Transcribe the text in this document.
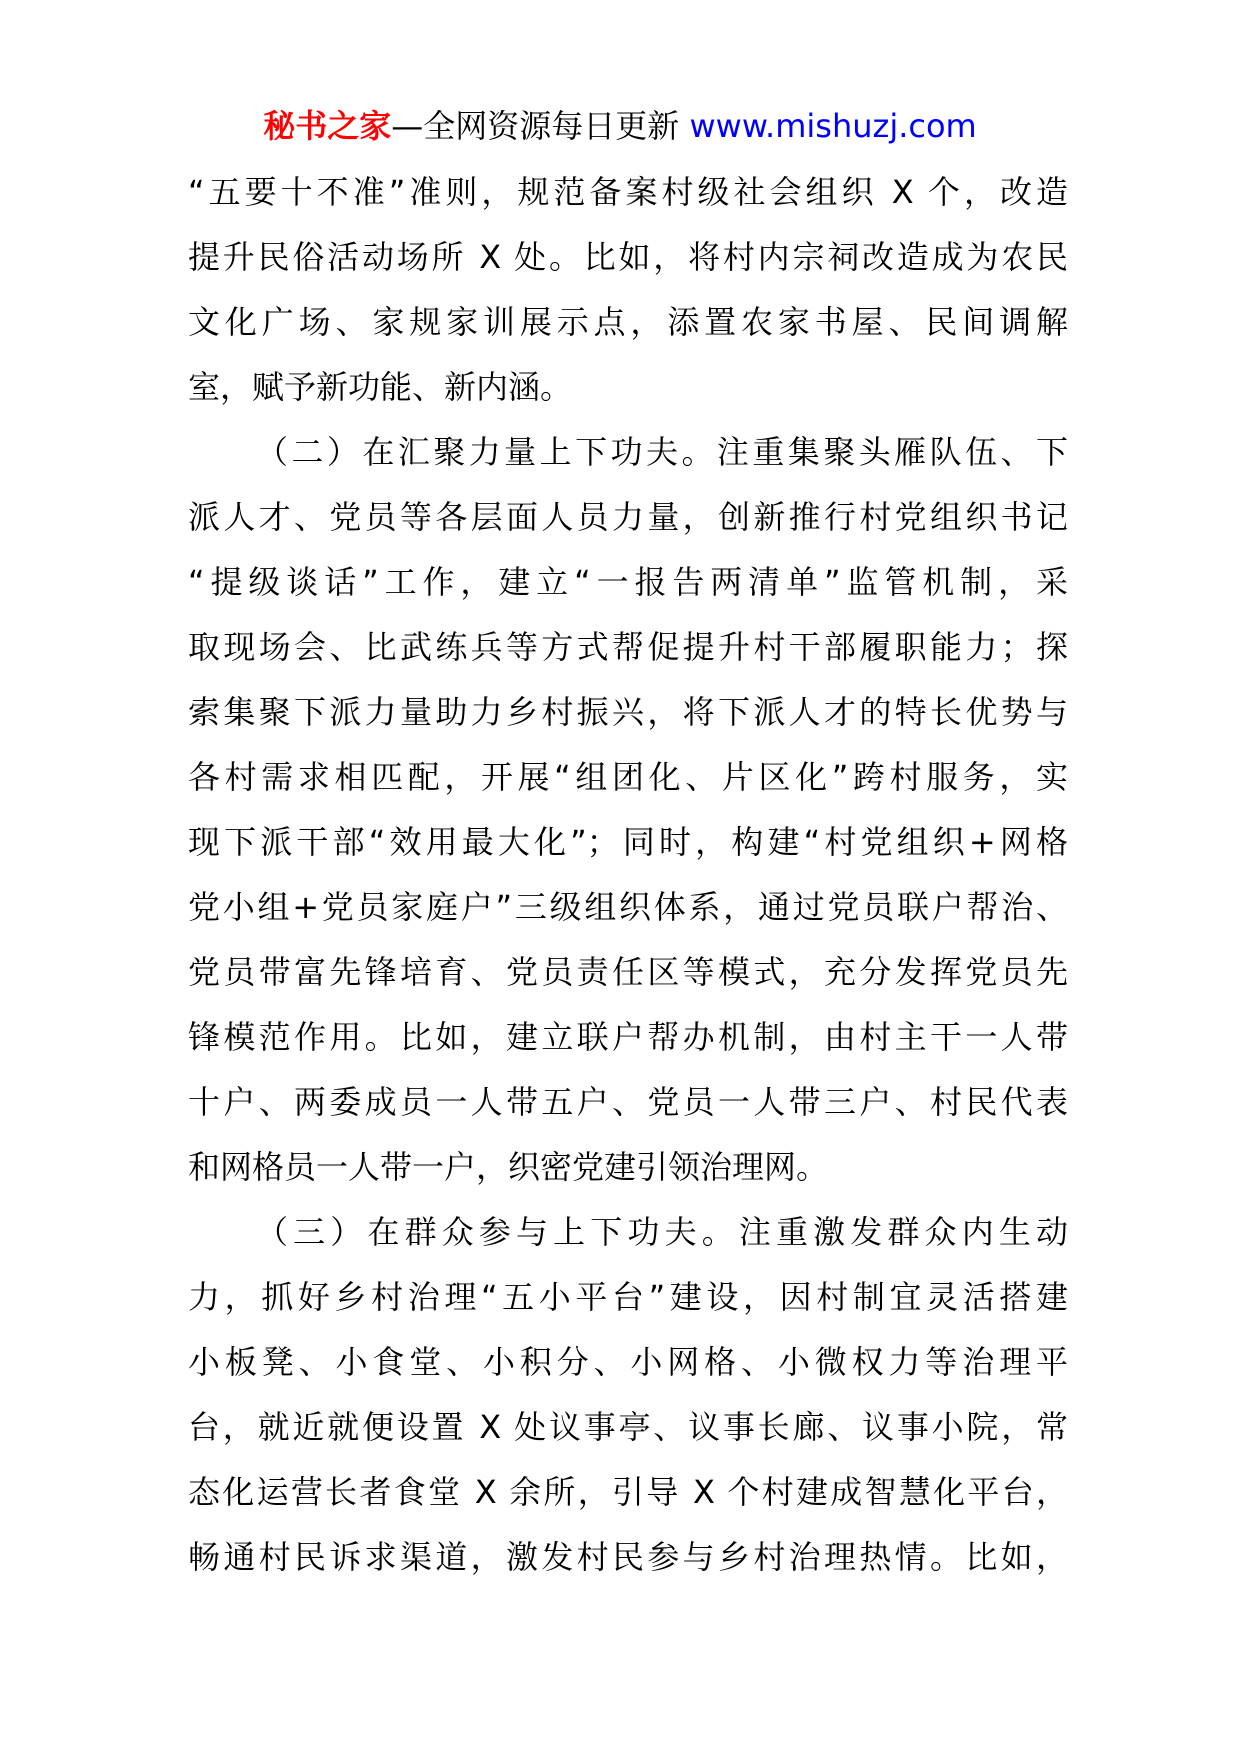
秘书之家—全网资源每日更新 www.mishuzj.com
“五要十不准”准则，规范备案村级社会组织 X 个，改造
提升民俗活动场所 X 处。比如，将村内宗祠改造成为农民
文化广场、家规家训展示点，添置农家书屋、民间调解
室，赋予新功能、新内涵。
（二）在汇聚力量上下功夫。注重集聚头雁队伍、下
派人才、党员等各层面人员力量，创新推行村党组织书记
“提级谈话”工作，建立“一报告两清单”监管机制，采
取现场会、比武练兵等方式帮促提升村干部履职能力；探
索集聚下派力量助力乡村振兴，将下派人才的特长优势与
各村需求相匹配，开展“组团化、片区化”跨村服务，实
现下派干部“效用最大化”；同时，构建“村党组织+网格
党小组+党员家庭户”三级组织体系，通过党员联户帮治、
党员带富先锋培育、党员责任区等模式，充分发挥党员先
锋模范作用。比如，建立联户帮办机制，由村主干一人带
十户、两委成员一人带五户、党员一人带三户、村民代表
和网格员一人带一户，织密党建引领治理网。
（三）在群众参与上下功夫。注重激发群众内生动
力，抓好乡村治理“五小平台”建设，因村制宜灵活搭建
小板凳、小食堂、小积分、小网格、小微权力等治理平
台，就近就便设置 X 处议事亭、议事长廊、议事小院，常
态化运营长者食堂 X 余所，引导 X 个村建成智慧化平台，
畅通村民诉求渠道，激发村民参与乡村治理热情。比如，
